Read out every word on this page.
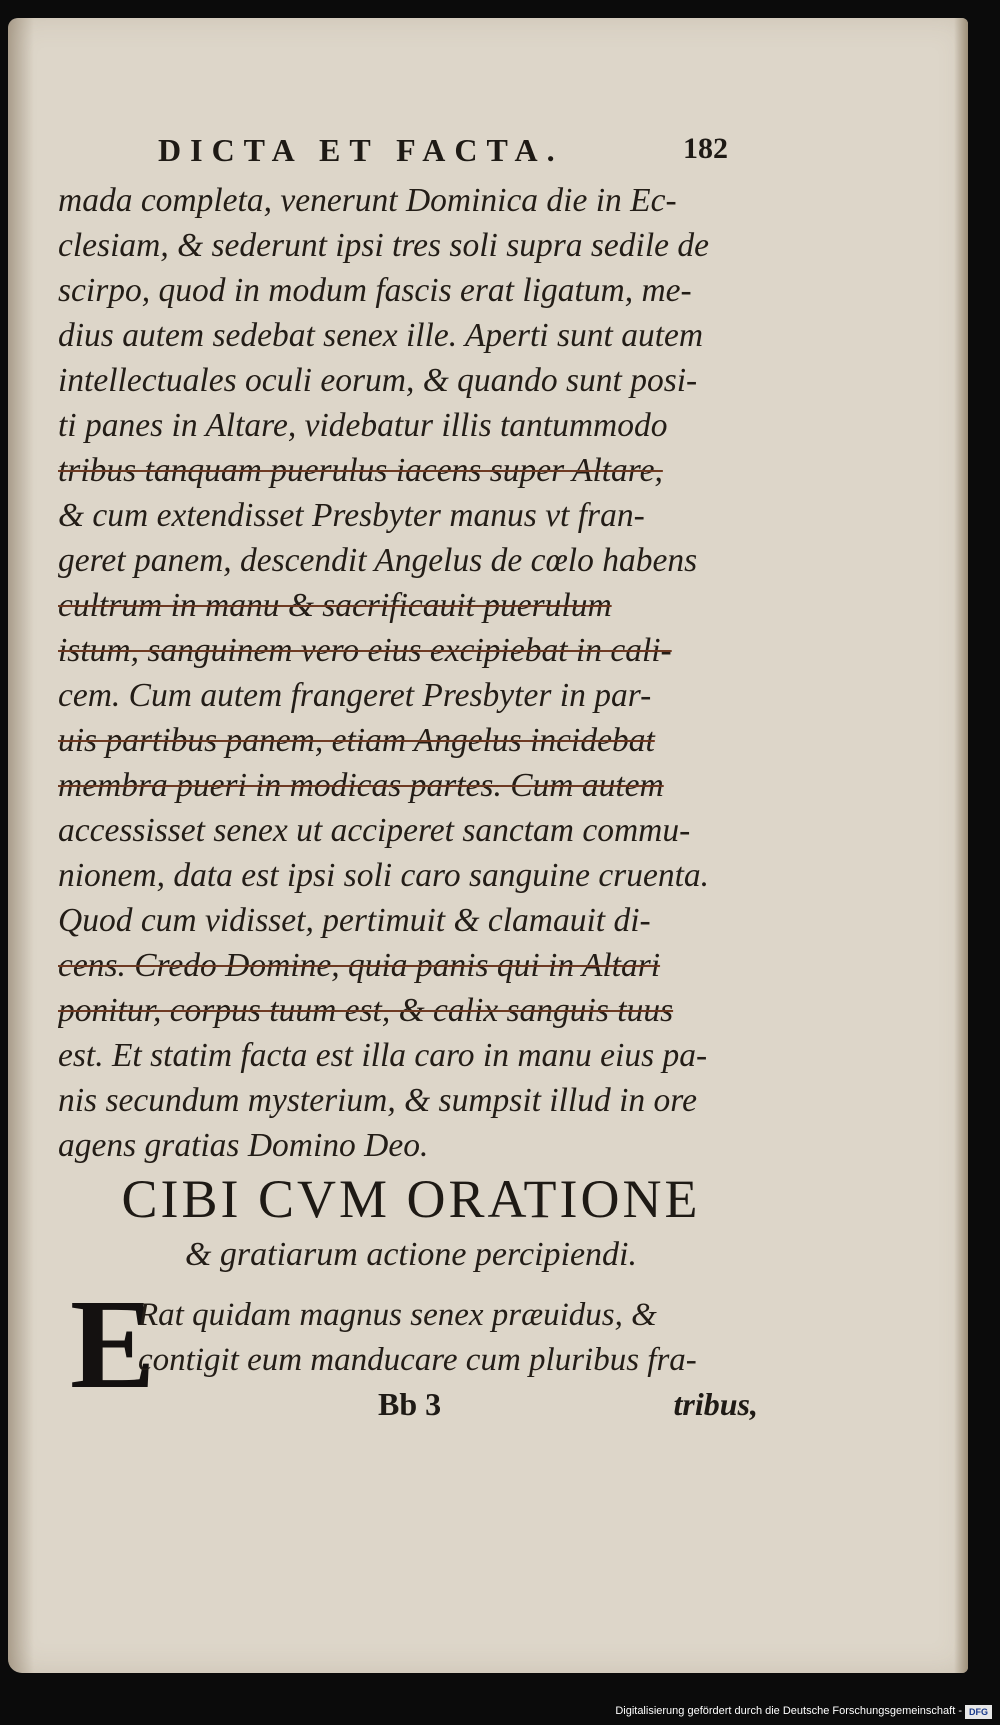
DICTA ET FACTA.	182
mada completa, venerunt Dominica die in Ec-
clesiam, & sederunt ipsi tres soli supra sedile de
scirpo, quod in modum fascis erat ligatum, me-
dius autem sedebat senex ille. Aperti sunt autem
intellectuales oculi eorum, & quando sunt posi-
ti panes in Altare, videbatur illis tantummodo
tribus tanquam puerulus iacens super Altare,
& cum extendisset Presbyter manus vt fran-
geret panem, descendit Angelus de cœlo habens
cultrum in manu & sacrificauit puerulum
istum, sanguinem vero eius excipiebat in cali-
cem. Cum autem frangeret Presbyter in par-
uis partibus panem, etiam Angelus incidebat
membra pueri in modicas partes. Cum autem
accessisset senex ut acciperet sanctam commu-
nionem, data est ipsi soli caro sanguine cruenta.
Quod cum vidisset, pertimuit & clamauit di-
cens. Credo Domine, quia panis qui in Altari
ponitur, corpus tuum est, & calix sanguis tuus
est. Et statim facta est illa caro in manu eius pa-
nis secundum mysterium, & sumpsit illud in ore
agens gratias Domino Deo.
CIBI CVM ORATIONE
& gratiarum actione percipiendi.
E
Rat quidam magnus senex præuidus, &
contigit eum manducare cum pluribus fra-
Bb 3	tribus,
Digitalisierung gefördert durch die Deutsche Forschungsgemeinschaft - DFG
